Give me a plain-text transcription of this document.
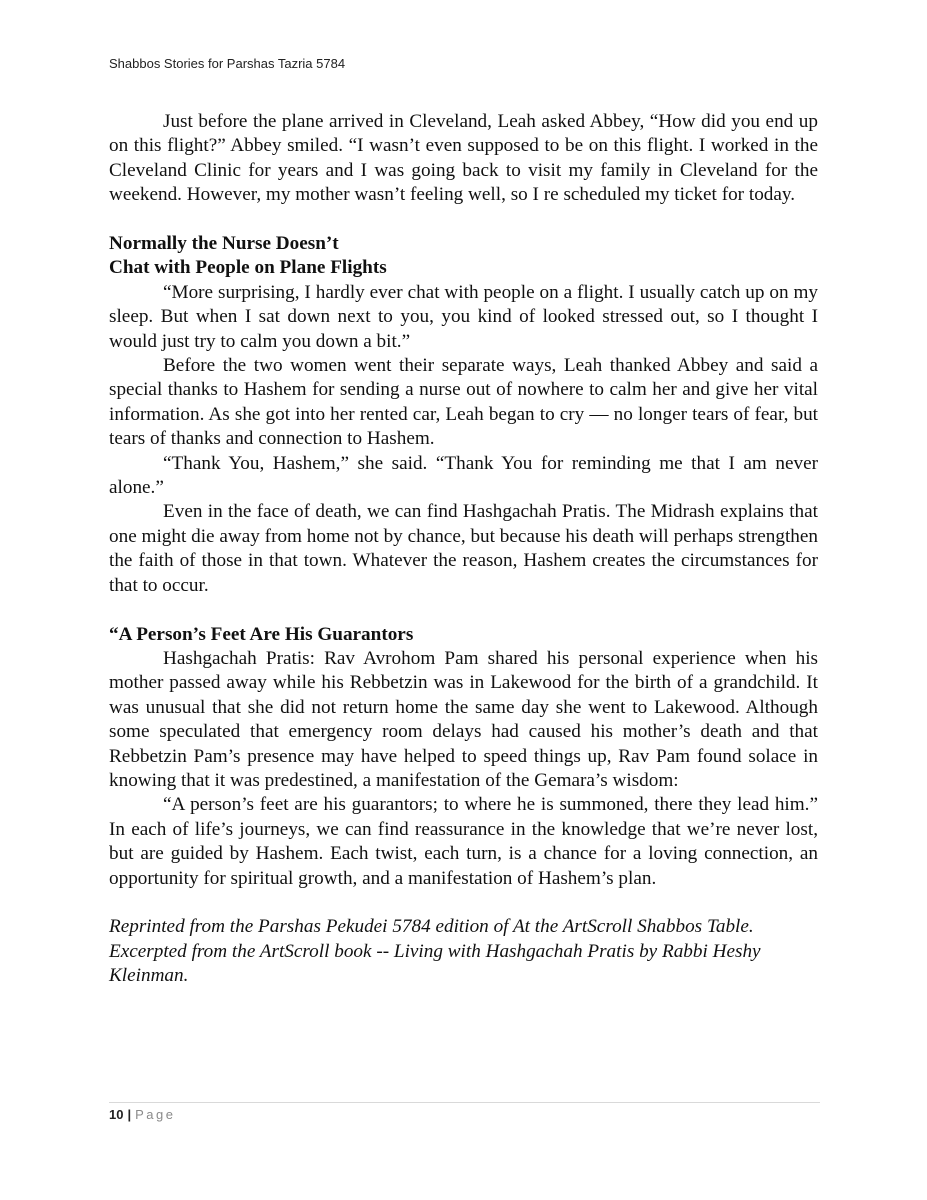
Shabbos Stories for Parshas Tazria 5784

Just before the plane arrived in Cleveland, Leah asked Abbey, “How did you end up on this flight?” Abbey smiled. “I wasn’t even supposed to be on this flight. I worked in the Cleveland Clinic for years and I was going back to visit my family in Cleveland for the weekend. However, my mother wasn’t feeling well, so I re scheduled my ticket for today.

Normally the Nurse Doesn’t

Chat with People on Plane Flights

“More surprising, I hardly ever chat with people on a flight. I usually catch up on my sleep. But when I sat down next to you, you kind of looked stressed out, so I thought I would just try to calm you down a bit.”

Before the two women went their separate ways, Leah thanked Abbey and said a special thanks to Hashem for sending a nurse out of nowhere to calm her and give her vital information. As she got into her rented car, Leah began to cry — no longer tears of fear, but tears of thanks and connection to Hashem.

“Thank You, Hashem,” she said. “Thank You for reminding me that I am never alone.”

Even in the face of death, we can find Hashgachah Pratis. The Midrash explains that one might die away from home not by chance, but because his death will perhaps strengthen the faith of those in that town. Whatever the reason, Hashem creates the circumstances for that to occur.

“A Person’s Feet Are His Guarantors

Hashgachah Pratis: Rav Avrohom Pam shared his personal experience when his mother passed away while his Rebbetzin was in Lakewood for the birth of a grandchild. It was unusual that she did not return home the same day she went to Lakewood. Although some speculated that emergency room delays had caused his mother’s death and that Rebbetzin Pam’s presence may have helped to speed things up, Rav Pam found solace in knowing that it was predestined, a manifestation of the Gemara’s wisdom:

“A person’s feet are his guarantors; to where he is summoned, there they lead him.” In each of life’s journeys, we can find reassurance in the knowledge that we’re never lost, but are guided by Hashem. Each twist, each turn, is a chance for a loving connection, an opportunity for spiritual growth, and a manifestation of Hashem’s plan.

Reprinted from the Parshas Pekudei 5784 edition of At the ArtScroll Shabbos Table. Excerpted from the ArtScroll book -- Living with Hashgachah Pratis by Rabbi Heshy Kleinman.

10 | Page
